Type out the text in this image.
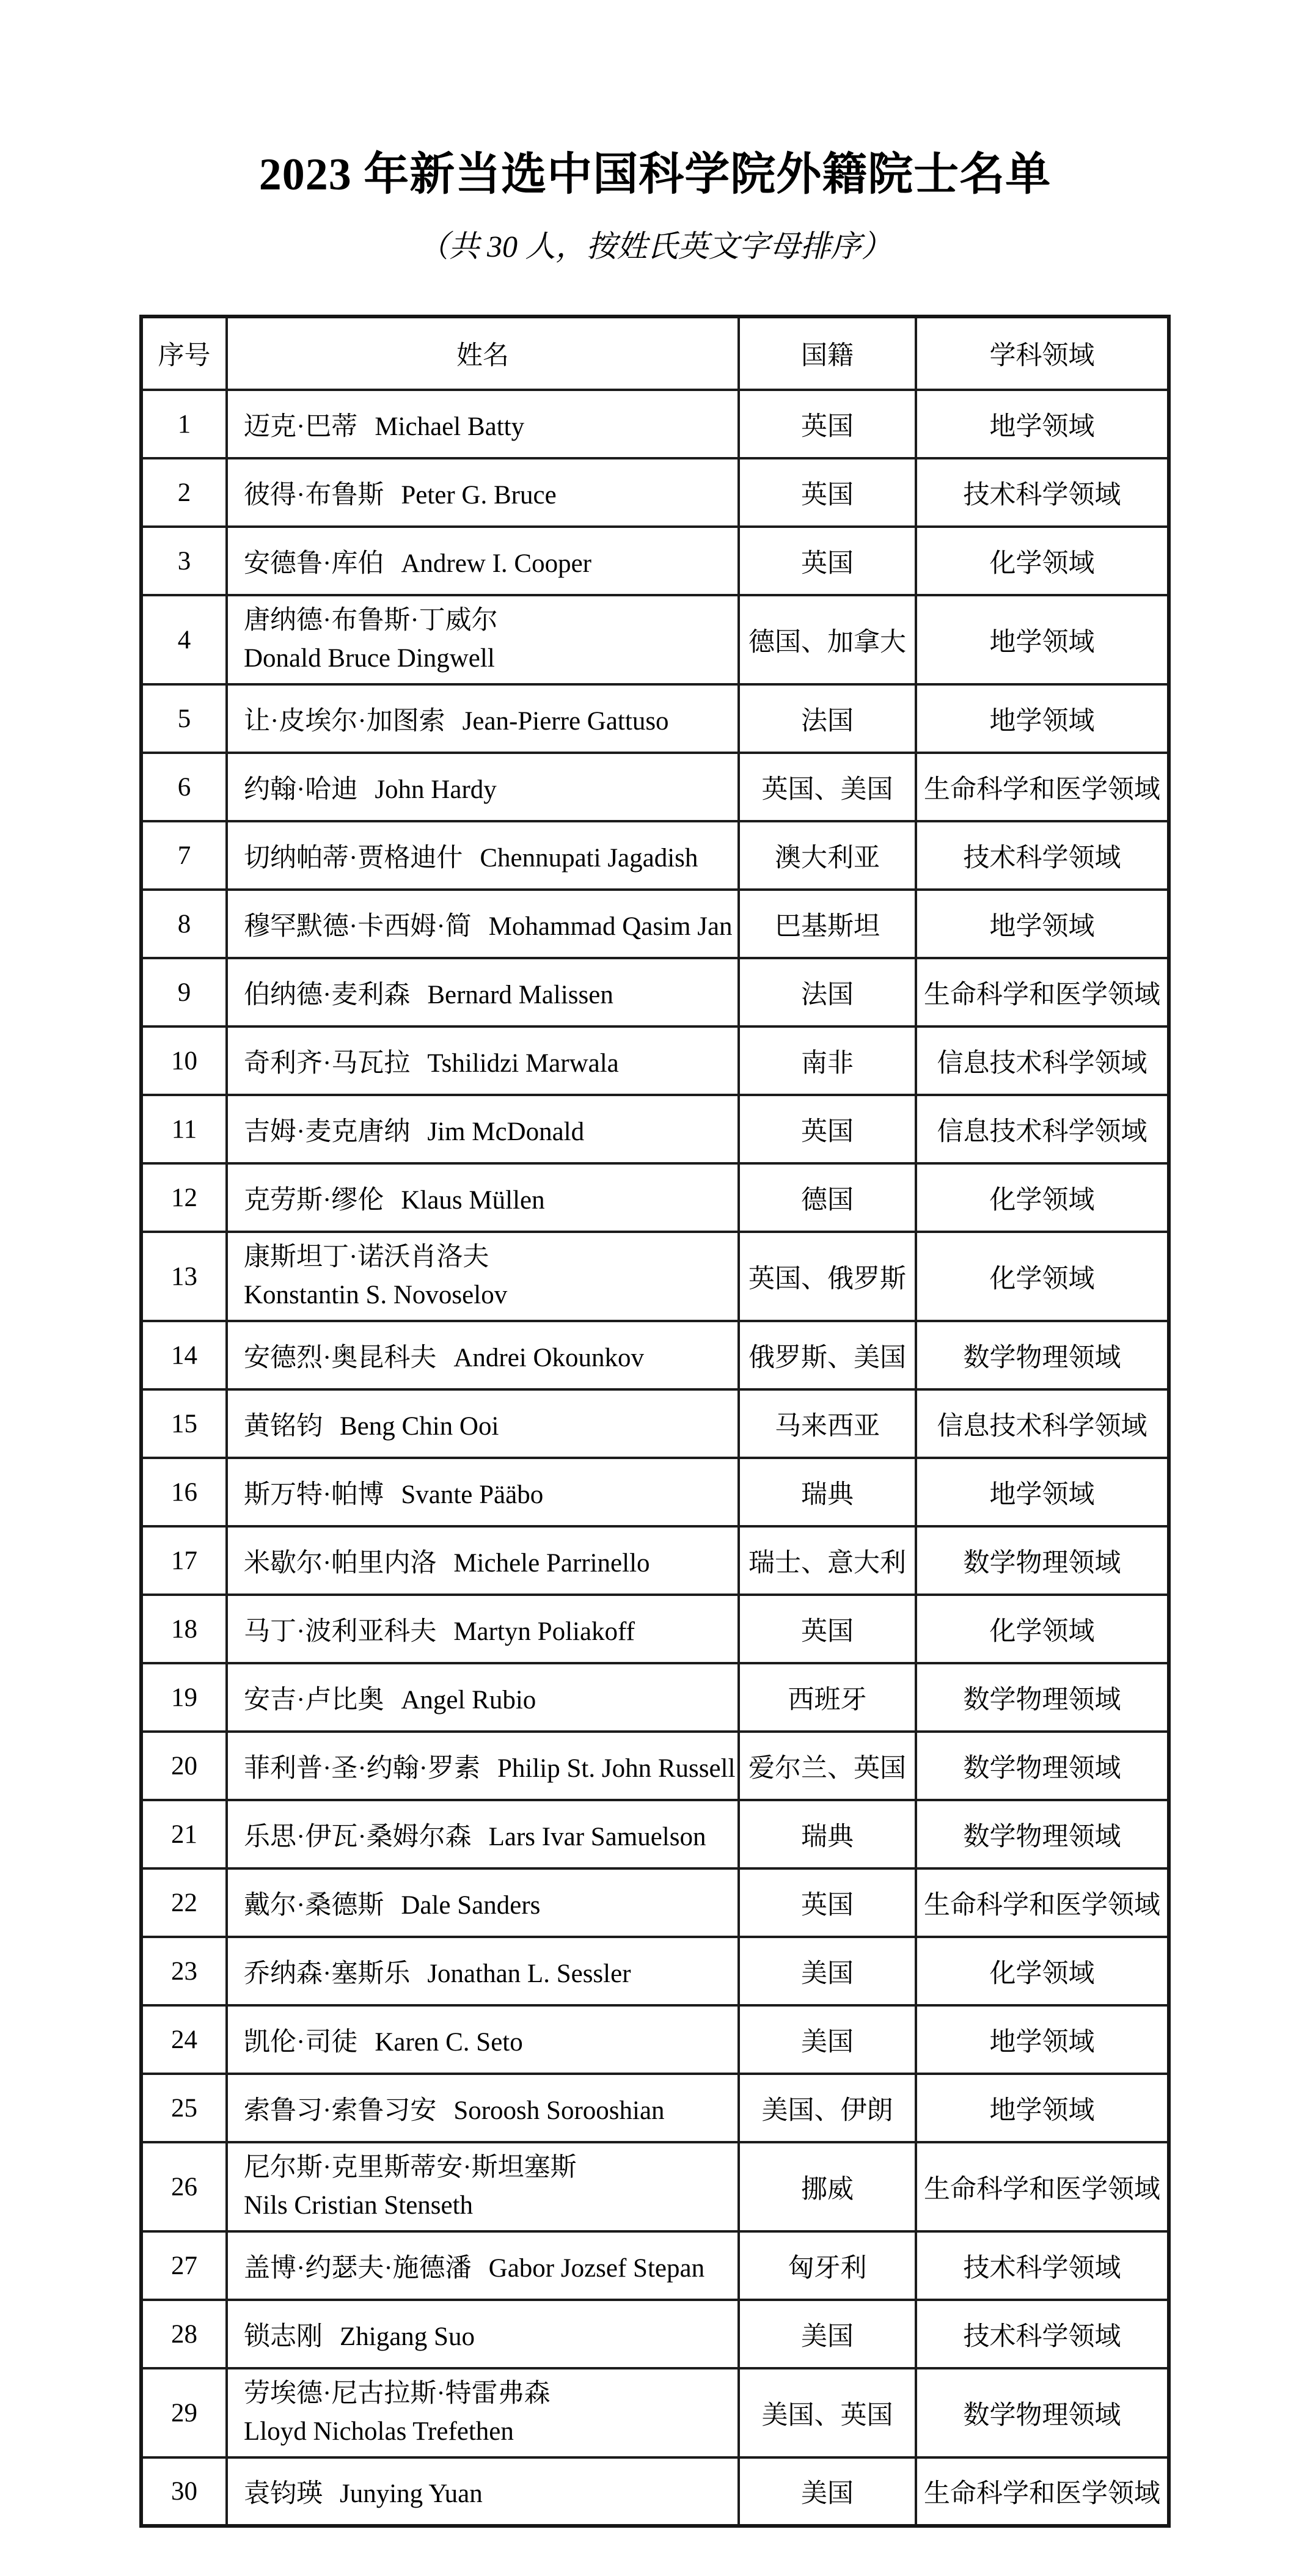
2023 年新当选中国科学院外籍院士名单
（共 30 人，按姓氏英文字母排序）
序号	姓名	国籍	学科领域
1	迈克·巴蒂 Michael Batty	英国	地学领域
2	彼得·布鲁斯 Peter G. Bruce	英国	技术科学领域
3	安德鲁·库伯 Andrew I. Cooper	英国	化学领域
4	唐纳德·布鲁斯·丁威尔
Donald Bruce Dingwell	德国、加拿大	地学领域
5	让·皮埃尔·加图索 Jean-Pierre Gattuso	法国	地学领域
6	约翰·哈迪 John Hardy	英国、美国	生命科学和医学领域
7	切纳帕蒂·贾格迪什 Chennupati Jagadish	澳大利亚	技术科学领域
8	穆罕默德·卡西姆·简 Mohammad Qasim Jan	巴基斯坦	地学领域
9	伯纳德·麦利森 Bernard Malissen	法国	生命科学和医学领域
10	奇利齐·马瓦拉 Tshilidzi Marwala	南非	信息技术科学领域
11	吉姆·麦克唐纳 Jim McDonald	英国	信息技术科学领域
12	克劳斯·缪伦 Klaus Müllen	德国	化学领域
13	康斯坦丁·诺沃肖洛夫
Konstantin S. Novoselov	英国、俄罗斯	化学领域
14	安德烈·奥昆科夫 Andrei Okounkov	俄罗斯、美国	数学物理领域
15	黄铭钧 Beng Chin Ooi	马来西亚	信息技术科学领域
16	斯万特·帕博 Svante Pääbo	瑞典	地学领域
17	米歇尔·帕里内洛 Michele Parrinello	瑞士、意大利	数学物理领域
18	马丁·波利亚科夫 Martyn Poliakoff	英国	化学领域
19	安吉·卢比奥 Angel Rubio	西班牙	数学物理领域
20	菲利普·圣·约翰·罗素 Philip St. John Russell	爱尔兰、英国	数学物理领域
21	乐思·伊瓦·桑姆尔森 Lars Ivar Samuelson	瑞典	数学物理领域
22	戴尔·桑德斯 Dale Sanders	英国	生命科学和医学领域
23	乔纳森·塞斯乐 Jonathan L. Sessler	美国	化学领域
24	凯伦·司徒 Karen C. Seto	美国	地学领域
25	索鲁习·索鲁习安 Soroosh Sorooshian	美国、伊朗	地学领域
26	尼尔斯·克里斯蒂安·斯坦塞斯
Nils Cristian Stenseth	挪威	生命科学和医学领域
27	盖博·约瑟夫·施德潘 Gabor Jozsef Stepan	匈牙利	技术科学领域
28	锁志刚 Zhigang Suo	美国	技术科学领域
29	劳埃德·尼古拉斯·特雷弗森
Lloyd Nicholas Trefethen	美国、英国	数学物理领域
30	袁钧瑛 Junying Yuan	美国	生命科学和医学领域
